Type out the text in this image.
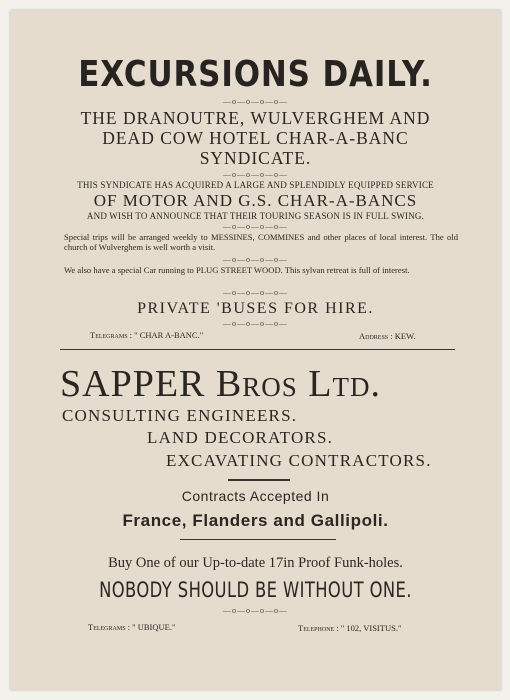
EXCURSIONS DAILY.
—o—o—o—o—
THE DRANOUTRE, WULVERGHEM AND
DEAD COW HOTEL CHAR-A-BANC
SYNDICATE.
—o—o—o—o—
THIS SYNDICATE HAS ACQUIRED A LARGE AND SPLENDIDLY EQUIPPED SERVICE
OF MOTOR AND G.S. CHAR-A-BANCS
AND WISH TO ANNOUNCE THAT THEIR TOURING SEASON IS IN FULL SWING.
—o—o—o—o—
Special trips will be arranged weekly to MESSINES, COMMINES and other places of local interest. The old church of Wulverghem is well worth a visit.
—o—o—o—o—
We also have a special Car running to PLUG STREET WOOD. This sylvan retreat is full of interest.
—o—o—o—o—
PRIVATE 'BUSES FOR HIRE.
—o—o—o—o—
Telegrams : " CHAR A-BANC."	Address : KEW.
SAPPER Bros Ltd.
CONSULTING ENGINEERS.
LAND DECORATORS.
EXCAVATING CONTRACTORS.
Contracts Accepted In
France, Flanders and Gallipoli.
Buy One of our Up-to-date 17in Proof Funk-holes.
NOBODY SHOULD BE WITHOUT ONE.
—o—o—o—o—
Telegrams : " UBIQUE."	Telephone : " 102, VISITUS."
